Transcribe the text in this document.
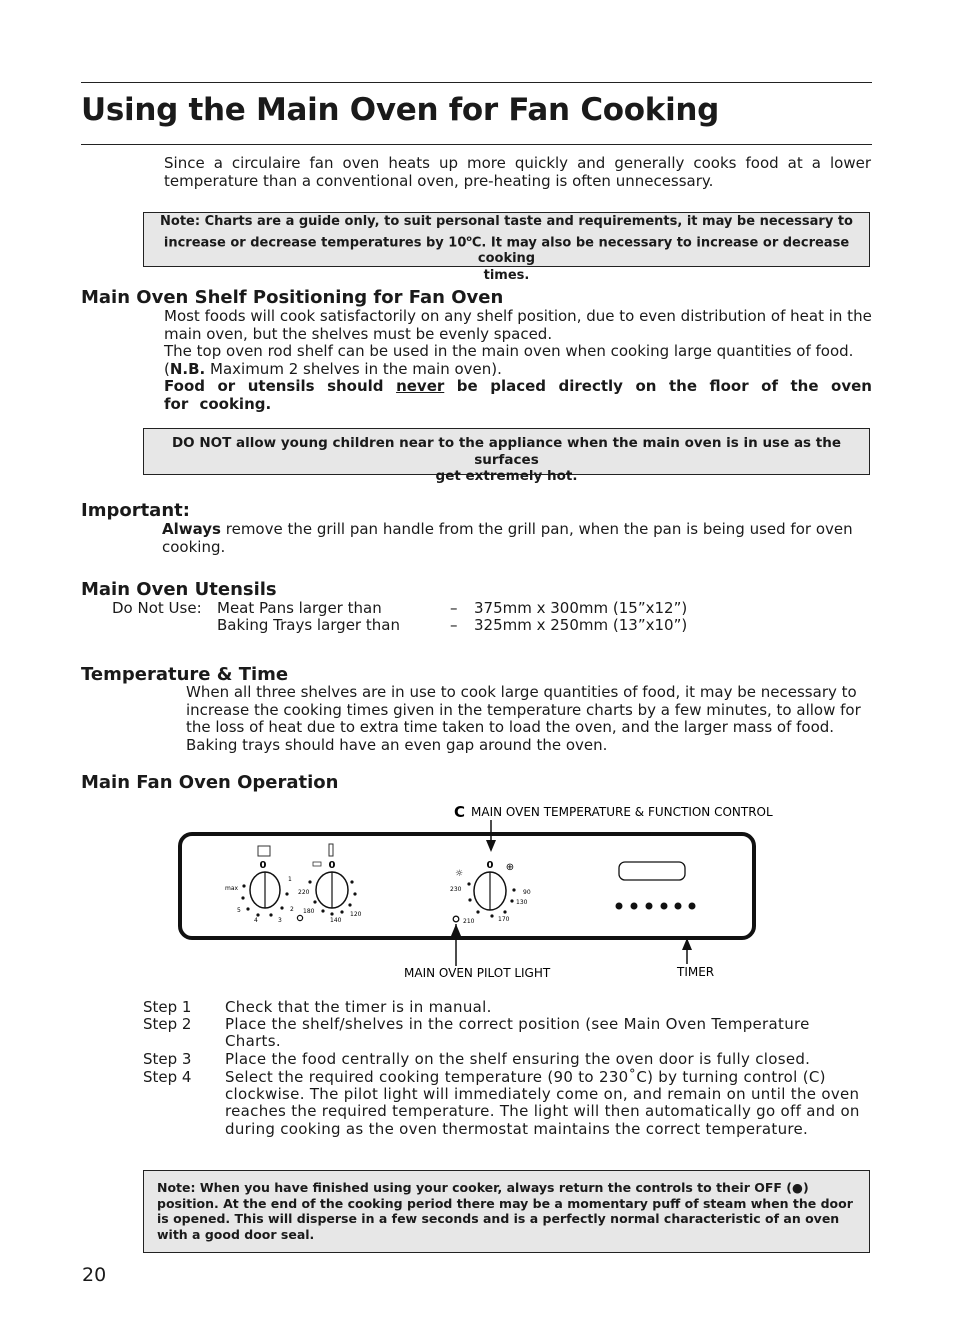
Using the Main Oven for Fan Cooking
Since a circulaire fan oven heats up more quickly and generally cooks food at a lower temperature than a conventional oven, pre-heating is often unnecessary.
Note: Charts are a guide only, to suit personal taste and requirements, it may be necessary to
increase or decrease temperatures by 10$^o$C. It may also be necessary to increase or decrease cooking
times.
Main Oven Shelf Positioning for Fan Oven
Most foods will cook satisfactorily on any shelf position, due to even distribution of heat in the main oven, but the shelves must be evenly spaced.
The top oven rod shelf can be used in the main oven when cooking large quantities of food.
(N.B. Maximum 2 shelves in the main oven).
Food or utensils should never be placed directly on the floor of the oven for cooking.
DO NOT allow young children near to the appliance when the main oven is in use as the surfaces
get extremely hot.
Important:
Always remove the grill pan handle from the grill pan, when the pan is being used for oven cooking.
Main Oven Utensils
Do Not Use: Meat Pans larger than	– 375mm x 300mm (15”x12”)
Baking Trays larger than	– 325mm x 250mm (13”x10”)
Temperature & Time
When all three shelves are in use to cook large quantities of food, it may be necessary to increase the cooking times given in the temperature charts by a few minutes, to allow for the loss of heat due to extra time taken to load the oven, and the larger mass of food. Baking trays should have an even gap around the oven.
Main Fan Oven Operation
C MAIN OVEN TEMPERATURE & FUNCTION CONTROL
MAIN OVEN PILOT LIGHT	TIMER
0
max
1
2
3
4
5
0
220
180
140
120
☼
⊕
0
230
210	170
130
90
Step 1 Check that the timer is in manual.
Step 2 Place the shelf/shelves in the correct position (see Main Oven Temperature Charts.
Step 3 Place the food centrally on the shelf ensuring the oven door is fully closed.
Step 4 Select the required cooking temperature (90 to 230˚C) by turning control (C) clockwise. The pilot light will immediately come on, and remain on until the oven reaches the required temperature. The light will then automatically go off and on during cooking as the oven thermostat maintains the correct temperature.
Note: When you have finished using your cooker, always return the controls to their OFF (●) position. At the end of the cooking period there may be a momentary puff of steam when the door is opened. This will disperse in a few seconds and is a perfectly normal characteristic of an oven with a good door seal.
20
